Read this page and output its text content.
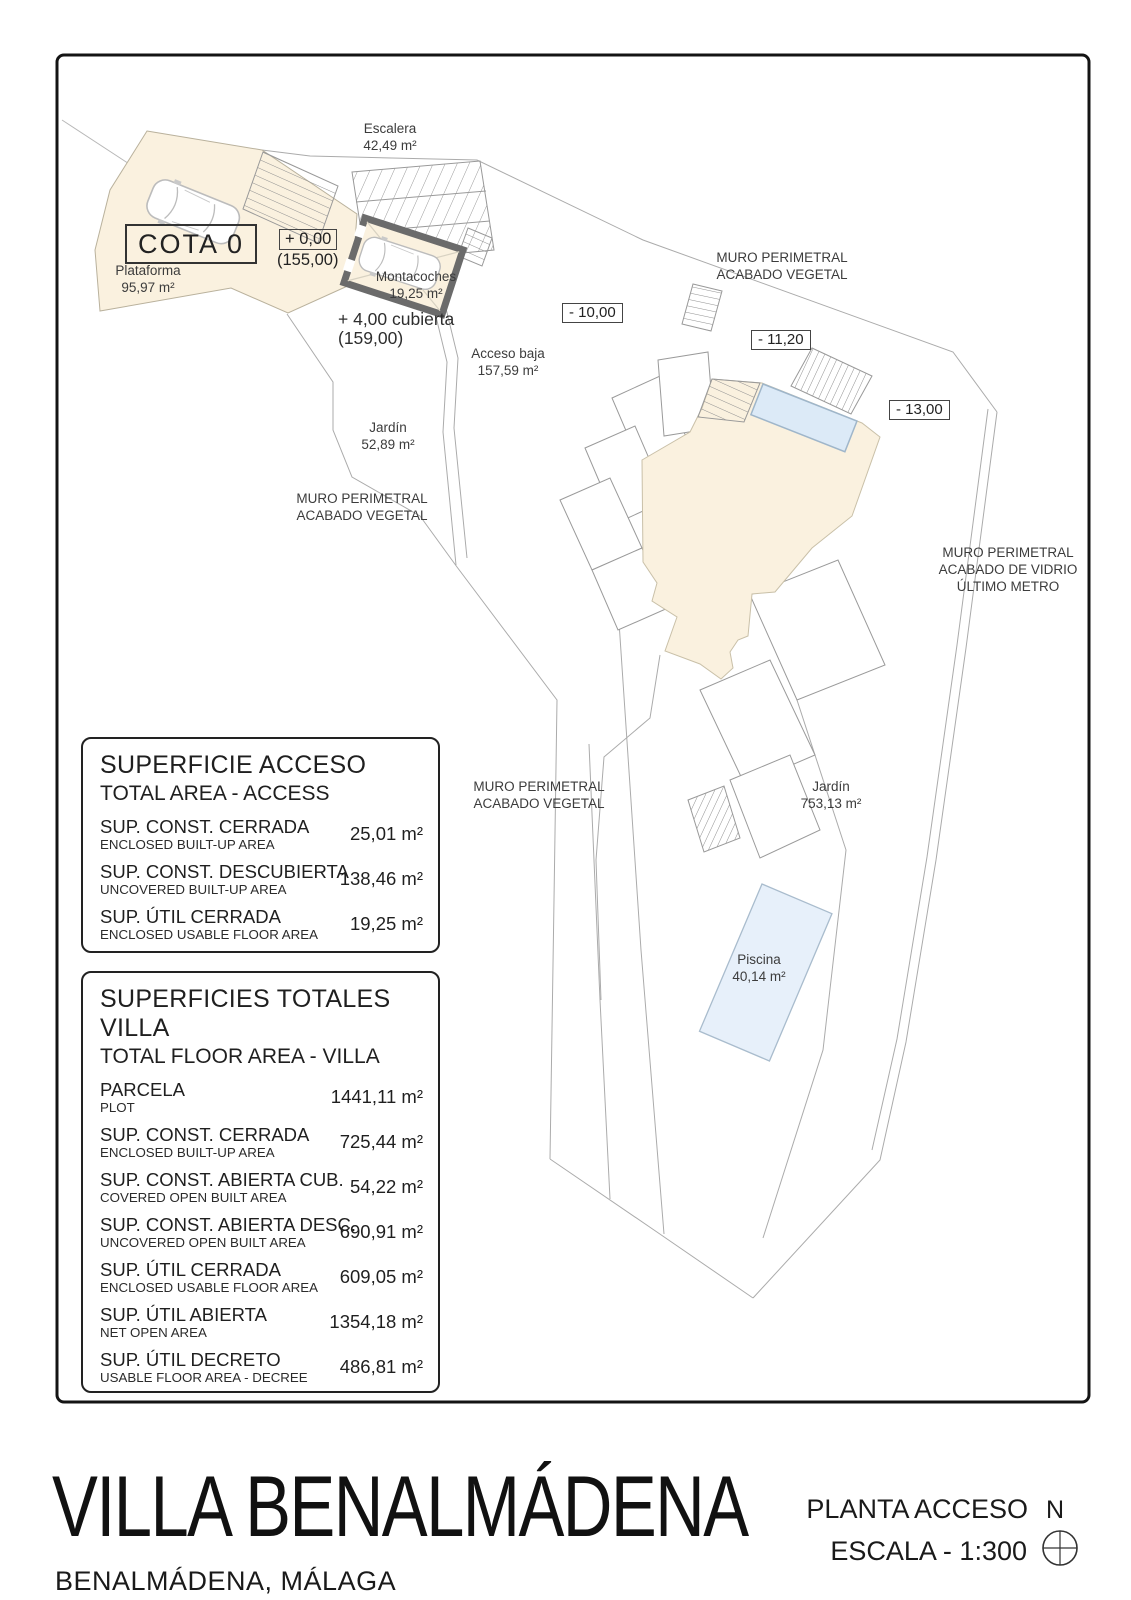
Escalera
42,49 m²
COTA 0	+ 0,00
(155,00)
Plataforma
95,97 m²
Montacoches
19,25 m²
+ 4,00 cubierta
(159,00)
Acceso baja
157,59 m²
Jardín
52,89 m²
MURO PERIMETRAL
ACABADO VEGETAL
MURO PERIMETRAL
ACABADO VEGETAL
MURO PERIMETRAL
ACABADO VEGETAL
MURO PERIMETRAL
ACABADO DE VIDRIO
ÚLTIMO METRO
Jardín
753,13 m²
Piscina
40,14 m²
- 10,00
- 11,20
- 13,00
SUPERFICIE ACCESO
TOTAL AREA - ACCESS
SUP. CONST. CERRADA
ENCLOSED BUILT-UP AREA
25,01 m²
SUP. CONST. DESCUBIERTA
UNCOVERED BUILT-UP AREA
138,46 m²
SUP. ÚTIL CERRADA
ENCLOSED USABLE FLOOR AREA
19,25 m²
SUPERFICIES TOTALES VILLA
TOTAL FLOOR AREA - VILLA
PARCELA
PLOT
1441,11 m²
SUP. CONST. CERRADA
ENCLOSED BUILT-UP AREA
725,44 m²
SUP. CONST. ABIERTA CUB.
COVERED OPEN BUILT AREA
54,22 m²
SUP. CONST. ABIERTA DESC.
UNCOVERED OPEN BUILT AREA
690,91 m²
SUP. ÚTIL CERRADA
ENCLOSED USABLE FLOOR AREA
609,05 m²
SUP. ÚTIL ABIERTA
NET OPEN AREA
1354,18 m²
SUP. ÚTIL DECRETO
USABLE FLOOR AREA - DECREE
486,81 m²
VILLA BENALMÁDENA
BENALMÁDENA, MÁLAGA
PLANTA ACCESO N
ESCALA - 1:300
